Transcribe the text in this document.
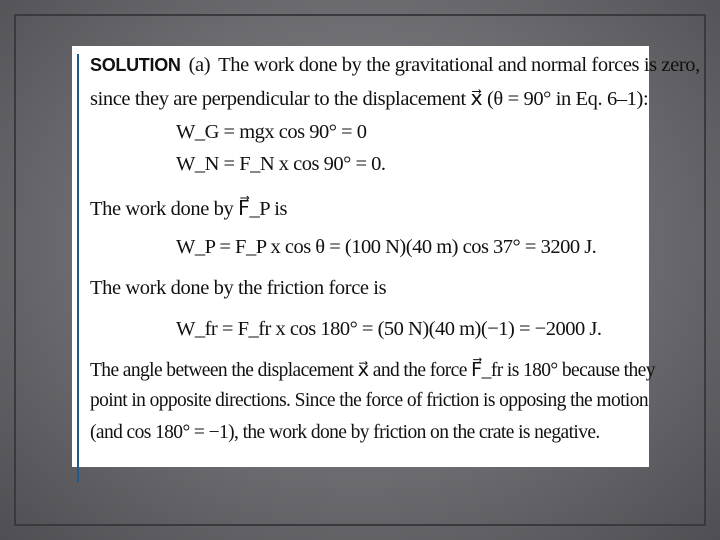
SOLUTION (a) The work done by the gravitational and normal forces is zero,
since they are perpendicular to the displacement x⃗ (θ = 90° in Eq. 6–1):
W_G = mgx cos 90° = 0
W_N = F_N x cos 90° = 0.
The work done by F⃗_P is
W_P = F_P x cos θ = (100 N)(40 m) cos 37° = 3200 J.
The work done by the friction force is
W_fr = F_fr x cos 180° = (50 N)(40 m)(−1) = −2000 J.
The angle between the displacement x⃗ and the force F⃗_fr is 180° because they
point in opposite directions. Since the force of friction is opposing the motion
(and cos 180° = −1), the work done by friction on the crate is negative.
